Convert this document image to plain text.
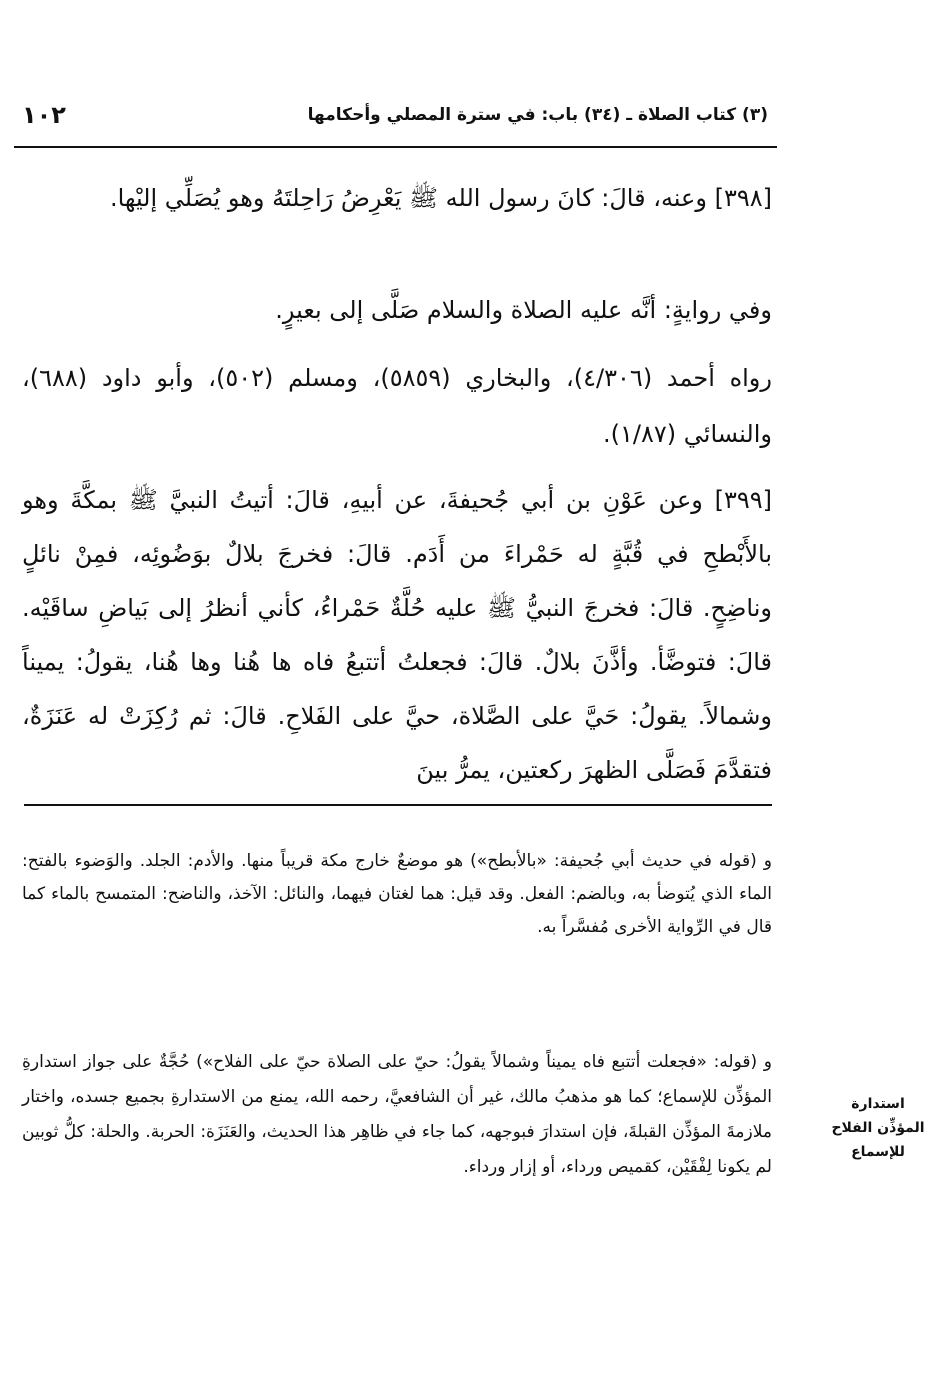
١٠٢	(٣) كتاب الصلاة ـ (٣٤) باب: في سترة المصلي وأحكامها

[٣٩٨] وعنه، قالَ: كانَ رسول الله ﷺ يَعْرِضُ رَاحِلتَهُ وهو يُصَلِّي إليْها.

وفي روايةٍ: أنَّه عليه الصلاة والسلام صَلَّى إلى بعيرٍ.

رواه أحمد (٤/٣٠٦)، والبخاري (٥٨٥٩)، ومسلم (٥٠٢)، وأبو داود (٦٨٨)، والنسائي (١/٨٧).

[٣٩٩] وعن عَوْنِ بن أبي جُحيفةَ، عن أبيهِ، قالَ: أتيتُ النبيَّ ﷺ بمكَّةَ وهو بالأَبْطحِ في قُبَّةٍ له حَمْراءَ من أَدَم. قالَ: فخرجَ بلالٌ بوَضُوئِه، فمِنْ نائلٍ وناضِحٍ. قالَ: فخرجَ النبيُّ ﷺ عليه حُلَّةٌ حَمْراءُ، كأني أنظرُ إلى بَياضِ ساقَيْه. قالَ: فتوضَّأ. وأذَّنَ بلالٌ. قالَ: فجعلتُ أتتبعُ فاه ها هُنا وها هُنا، يقولُ: يميناً وشمالاً. يقولُ: حَيَّ على الصَّلاة، حيَّ على الفَلاحِ. قالَ: ثم رُكِزَتْ له عَنَزَةٌ، فتقدَّمَ فَصَلَّى الظهرَ ركعتين، يمرُّ بينَ

و (قوله في حديث أبي جُحيفة: «بالأبطح») هو موضعٌ خارج مكة قريباً منها. والأدم: الجلد. والوَضوء بالفتح: الماء الذي يُتوضأ به، وبالضم: الفعل. وقد قيل: هما لغتان فيهما، والنائل: الآخذ، والناضح: المتمسح بالماء كما قال في الرِّواية الأخرى مُفسَّراً به.

و (قوله: «فجعلت أتتبع فاه يميناً وشمالاً يقولُ: حيّ على الصلاة حيّ على الفلاح») حُجَّةٌ على جواز استدارةِ المؤذِّن للإسماع؛ كما هو مذهبُ مالك، غير أن الشافعيَّ، رحمه الله، يمنع من الاستدارةِ بجميع جسده، واختار ملازمةَ المؤذِّن القبلةَ، فإن استدارَ فبوجهه، كما جاء في ظاهِر هذا الحديث، والعَنَزَة: الحربة. والحلة: كلُّ ثوبين لم يكونا لِفْقَيْن، كقميص ورداء، أو إزار ورداء.

استدارة المؤذِّن الفلاح للإسماع
